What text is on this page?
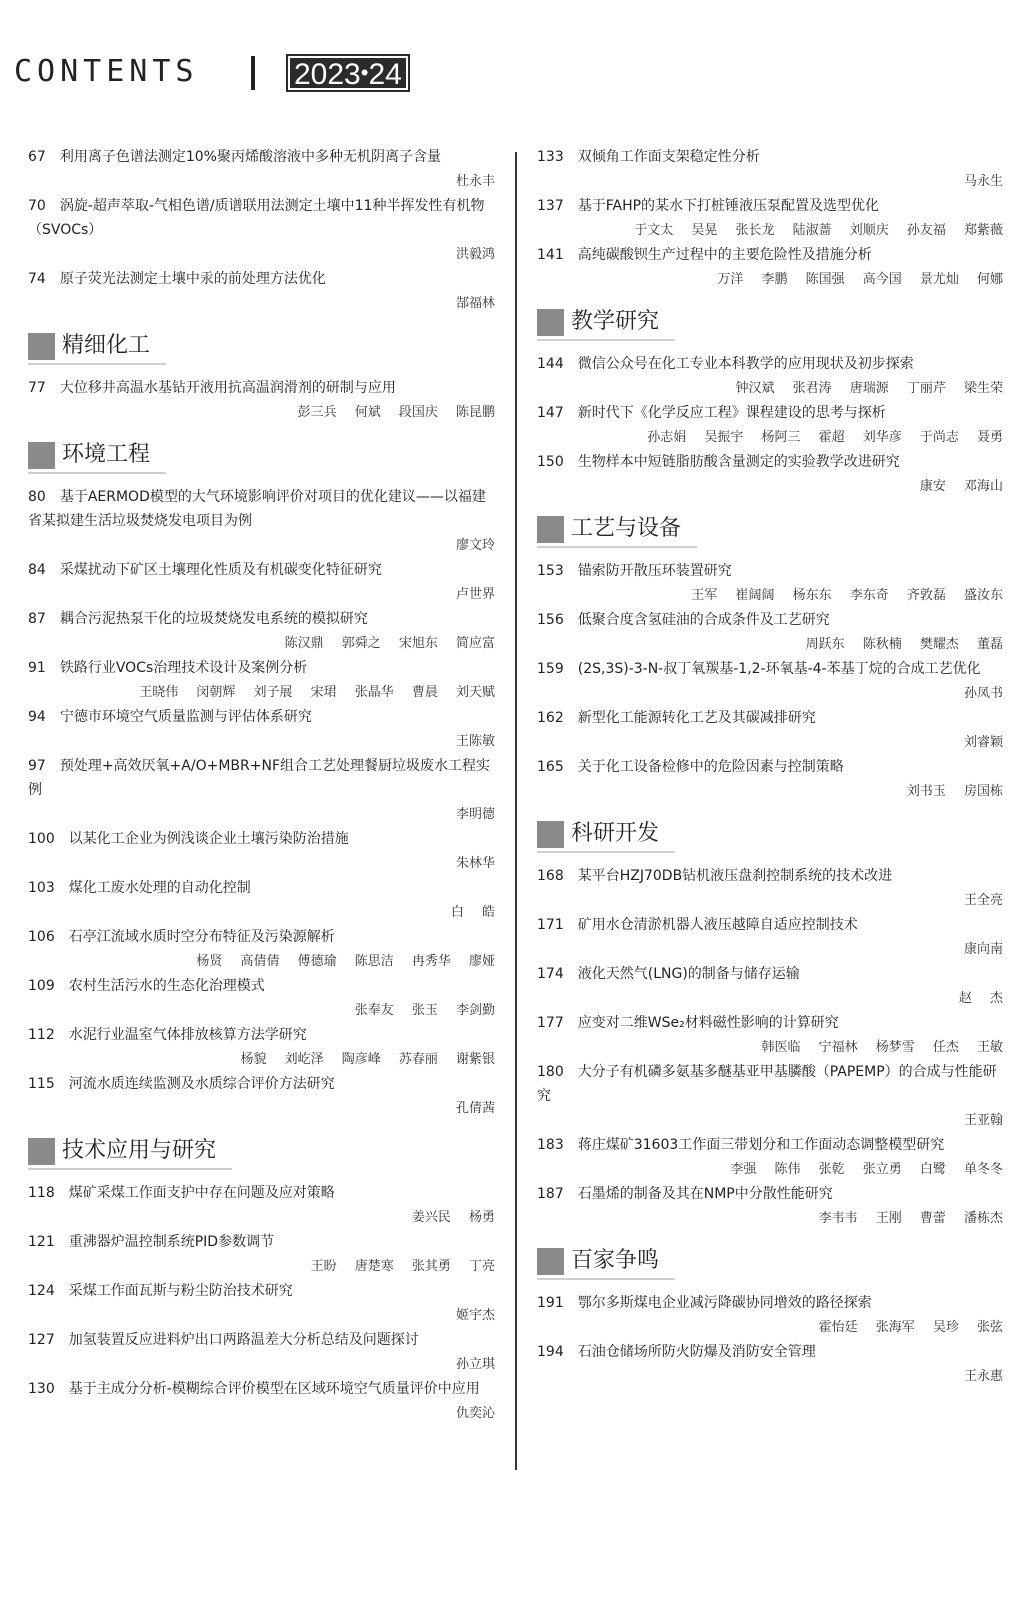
CONTENTS	2023•24
67 利用离子色谱法测定10%聚丙烯酸溶液中多种无机阴离子含量
杜永丰
70 涡旋-超声萃取-气相色谱/质谱联用法测定土壤中11种半挥发性有机物（SVOCs）
洪毅鸿
74 原子荧光法测定土壤中汞的前处理方法优化
郜福林
精细化工
77 大位移井高温水基钻开液用抗高温润滑剂的研制与应用
彭三兵 何斌 段国庆 陈昆鹏
环境工程
80 基于AERMOD模型的大气环境影响评价对项目的优化建议——以福建省某拟建生活垃圾焚烧发电项目为例
廖文玲
84 采煤扰动下矿区土壤理化性质及有机碳变化特征研究
卢世界
87 耦合污泥热泵干化的垃圾焚烧发电系统的模拟研究
陈汉鼎 郭舜之 宋旭东 简应富
91 铁路行业VOCs治理技术设计及案例分析
王晓伟 闵朝辉 刘子展 宋珺 张晶华 曹晨 刘天赋
94 宁德市环境空气质量监测与评估体系研究
王陈敏
97 预处理+高效厌氧+A/O+MBR+NF组合工艺处理餐厨垃圾废水工程实例
李明德
100 以某化工企业为例浅谈企业土壤污染防治措施
朱林华
103 煤化工废水处理的自动化控制
白 皓
106 石亭江流域水质时空分布特征及污染源解析
杨贤 高倩倩 傅德瑜 陈思洁 冉秀华 廖娅
109 农村生活污水的生态化治理模式
张奉友 张玉 李剑勤
112 水泥行业温室气体排放核算方法学研究
杨貌 刘屹泽 陶彦峰 苏春丽 谢紫银
115 河流水质连续监测及水质综合评价方法研究
孔倩茜
技术应用与研究
118 煤矿采煤工作面支护中存在问题及应对策略
姜兴民 杨勇
121 重沸器炉温控制系统PID参数调节
王盼 唐楚寒 张其勇 丁亮
124 采煤工作面瓦斯与粉尘防治技术研究
姬宇杰
127 加氢装置反应进料炉出口两路温差大分析总结及问题探讨
孙立琪
130 基于主成分分析-模糊综合评价模型在区域环境空气质量评价中应用
仇奕沁
133 双倾角工作面支架稳定性分析
马永生
137 基于FAHP的某水下打桩锤液压泵配置及选型优化
于文太 吴晃 张长龙 陆淑蔷 刘顺庆 孙友福 郑紫薇
141 高纯碳酸钡生产过程中的主要危险性及措施分析
万洋 李鹏 陈国强 高今国 景尤灿 何娜
教学研究
144 微信公众号在化工专业本科教学的应用现状及初步探索
钟汉斌 张君涛 唐瑞源 丁丽芹 梁生荣
147 新时代下《化学反应工程》课程建设的思考与探析
孙志娟 吴振宇 杨阿三 霍超 刘华彦 于尚志 聂勇
150 生物样本中短链脂肪酸含量测定的实验教学改进研究
康安 邓海山
工艺与设备
153 锚索防开散压环装置研究
王军 崔阔阔 杨东东 李东奇 齐敦磊 盛汝东
156 低聚合度含氢硅油的合成条件及工艺研究
周跃东 陈秋楠 樊耀杰 董磊
159 (2S,3S)-3-N-叔丁氧羰基-1,2-环氧基-4-苯基丁烷的合成工艺优化
孙凤书
162 新型化工能源转化工艺及其碳减排研究
刘睿颖
165 关于化工设备检修中的危险因素与控制策略
刘书玉 房国栋
科研开发
168 某平台HZJ70DB钻机液压盘刹控制系统的技术改进
王全亮
171 矿用水仓清淤机器人液压越障自适应控制技术
康向南
174 液化天然气(LNG)的制备与储存运输
赵 杰
177 应变对二维WSe₂材料磁性影响的计算研究
韩医临 宁福林 杨梦雪 任杰 王敏
180 大分子有机磷多氨基多醚基亚甲基膦酸（PAPEMP）的合成与性能研究
王亚翰
183 蒋庄煤矿31603工作面三带划分和工作面动态调整模型研究
李强 陈伟 张乾 张立勇 白鹭 单冬冬
187 石墨烯的制备及其在NMP中分散性能研究
李韦韦 王刚 曹蕾 潘栋杰
百家争鸣
191 鄂尔多斯煤电企业减污降碳协同增效的路径探索
霍怡廷 张海军 吴珍 张弦
194 石油仓储场所防火防爆及消防安全管理
王永惠
